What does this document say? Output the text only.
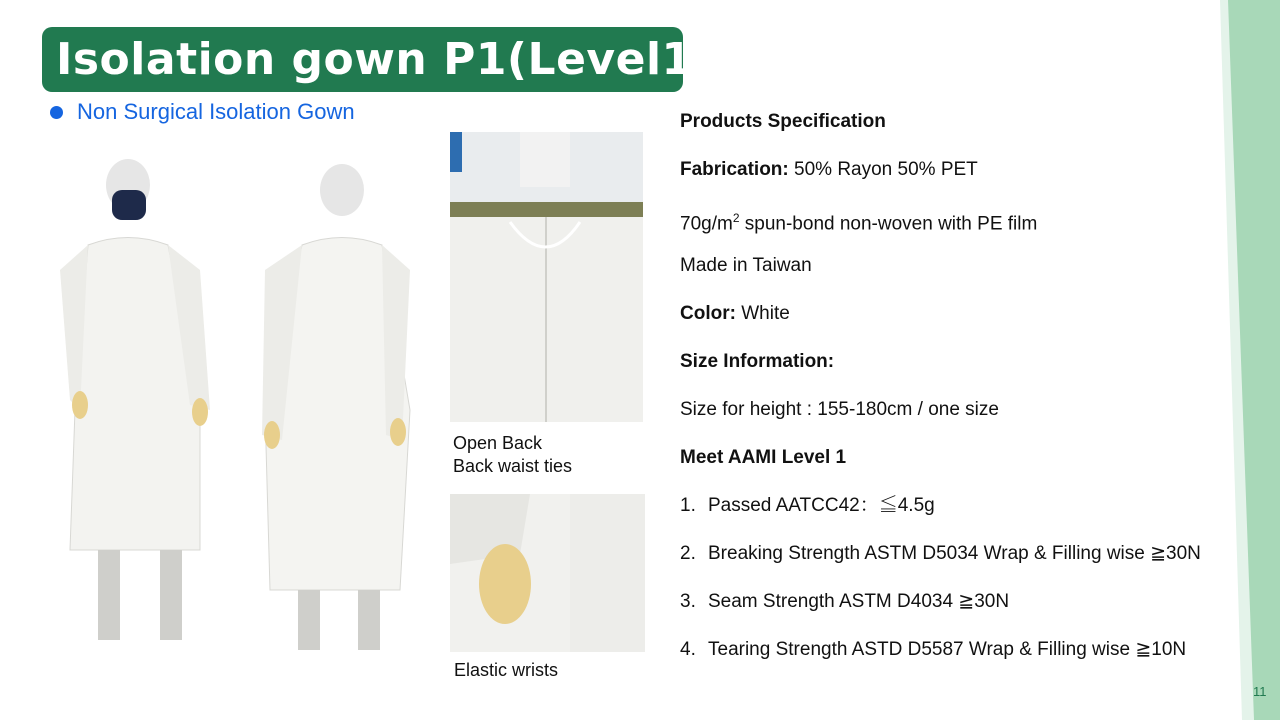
Isolation gown P1(Level1)
Non Surgical Isolation Gown
Open Back
Back waist ties
Elastic wrists
Products Specification
Fabrication: 50% Rayon 50% PET
$70g/m^2$ spun-bond non-woven with PE film
Made in Taiwan
Color: White
Size Information:
Size for height : 155-180cm / one size
Meet AAMI Level 1
1. Passed AATCC42：≦4.5g
2. Breaking Strength ASTM D5034 Wrap & Filling wise ≧30N
3. Seam Strength ASTM D4034 ≧30N
4. Tearing Strength ASTD D5587 Wrap & Filling wise ≧10N
11
